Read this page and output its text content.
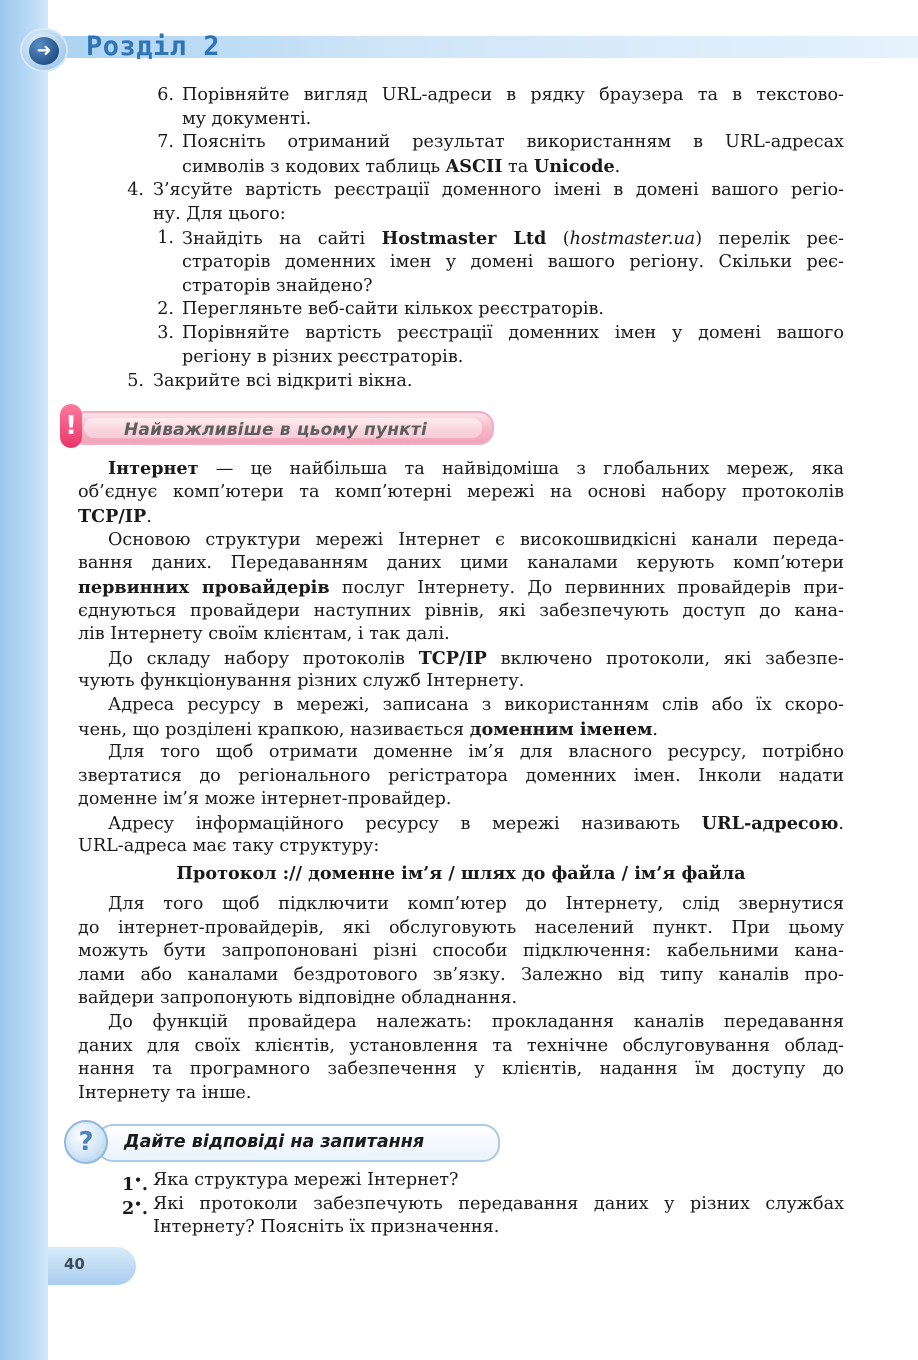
➜ Розділ 2
6. Порівняйте вигляд URL-адреси в рядку браузера та в текстово-

му документі.

7. Поясніть отриманий результат використанням в URL-адресах

символів з кодових таблиць ASCII та Unicode.

4. З’ясуйте вартість реєстрації доменного імені в домені вашого регіо-

ну. Для цього:

1. Знайдіть на сайті Hostmaster Ltd (hostmaster.ua) перелік реє-

страторів доменних імен у домені вашого регіону. Скільки реє-

страторів знайдено?

2. Перегляньте веб-сайти кількох реєстраторів.

3. Порівняйте вартість реєстрації доменних імен у домені вашого

регіону в різних реєстраторів.

5. Закрийте всі відкриті вікна.

!	Найважливіше в цьому пункті

Інтернет — це найбільша та найвідоміша з глобальних мереж, яка

об’єднує комп’ютери та комп’ютерні мережі на основі набору протоколів

TCP/IP.

Основою структури мережі Інтернет є високошвидкісні канали переда-

вання даних. Передаванням даних цими каналами керують комп’ютери

первинних провайдерів послуг Інтернету. До первинних провайдерів при-

єднуються провайдери наступних рівнів, які забезпечують доступ до кана-

лів Інтернету своїм клієнтам, і так далі.

До складу набору протоколів TCP/IP включено протоколи, які забезпе-

чують функціонування різних служб Інтернету.

Адреса ресурсу в мережі, записана з використанням слів або їх скоро-

чень, що розділені крапкою, називається доменним іменем.

Для того щоб отримати доменне ім’я для власного ресурсу, потрібно

звертатися до регіонального регістратора доменних імен. Інколи надати

доменне ім’я може інтернет-провайдер.

Адресу інформаційного ресурсу в мережі називають URL-адресою.

URL-адреса має таку структуру:

Протокол :// доменне ім’я / шлях до файла / ім’я файла

Для того щоб підключити комп’ютер до Інтернету, слід звернутися

до інтернет-провайдерів, які обслуговують населений пункт. При цьому

можуть бути запропоновані різні способи підключення: кабельними кана-

лами або каналами бездротового зв’язку. Залежно від типу каналів про-

вайдери запропонують відповідне обладнання.

До функцій провайдера належать: прокладання каналів передавання

даних для своїх клієнтів, установлення та технічне обслуговування облад-

нання та програмного забезпечення у клієнтів, надання їм доступу до

Інтернету та інше.

?	Дайте відповіді на запитання
1•. Яка структура мережі Інтернет?

2•. Які протоколи забезпечують передавання даних у різних службах

Інтернету? Поясніть їх призначення.

40
